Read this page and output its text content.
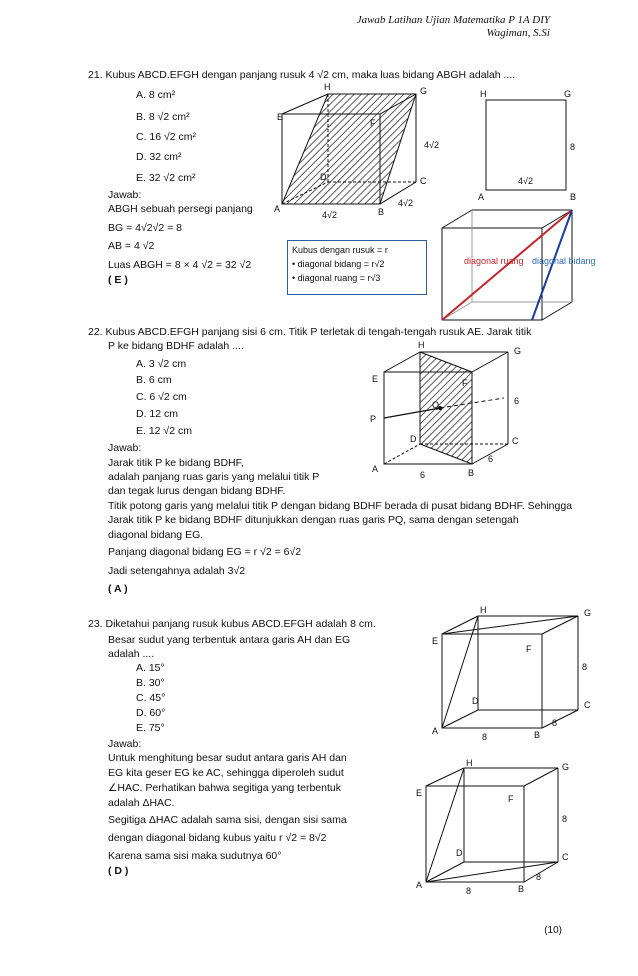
Jawab Latihan Ujian Matematika P 1A DIY
Wagiman, S.Si
21. Kubus ABCD.EFGH dengan panjang rusuk 4 √2 cm, maka luas bidang ABGH adalah ....
A. 8 cm²
B. 8 √2 cm²
C. 16 √2 cm²
D. 32 cm²
E. 32 √2 cm²
Jawab:
ABGH sebuah persegi panjang
BG = 4√2√2 = 8
AB = 4 √2
Luas ABGH = 8 × 4 √2 = 32 √2
( E )
A	B
C
D
E
F
G
H
4√2
4√2
4√2
A	B
G
H
8
4√2
Kubus dengan rusuk = r
• diagonal bidang = r√2
• diagonal ruang = r√3
diagonal ruang diagonal bidang
22. Kubus ABCD.EFGH panjang sisi 6 cm. Titik P terletak di tengah-tengah rusuk AE. Jarak titik
P ke bidang BDHF adalah ....
A. 3 √2 cm
B. 6 cm
C. 6 √2 cm
D. 12 cm
E. 12 √2 cm
Jawab:
Jarak titik P ke bidang BDHF,
adalah panjang ruas garis yang melalui titik P
dan tegak lurus dengan bidang BDHF.
Titik potong garis yang melalui titik P dengan bidang BDHF berada di pusat bidang BDHF. Sehingga
Jarak titik P ke bidang BDHF ditunjukkan dengan ruas garis PQ, sama dengan setengah
diagonal bidang EG.
Panjang diagonal bidang EG = r √2 = 6√2
Jadi setengahnya adalah 3√2
( A )
H
G
E	F
P
Q
D	C
A	B
6
6
6
23. Diketahui panjang rusuk kubus ABCD.EFGH adalah 8 cm.
Besar sudut yang terbentuk antara garis AH dan EG
adalah ....
A. 15°
B. 30°
C. 45°
D. 60°
E. 75°
Jawab:
Untuk menghitung besar sudut antara garis AH dan
EG kita geser EG ke AC, sehingga diperoleh sudut
∠HAC. Perhatikan bahwa segitiga yang terbentuk
adalah ΔHAC.
Segitiga ΔHAC adalah sama sisi, dengan sisi sama
dengan diagonal bidang kubus yaitu r √2 = 8√2
Karena sama sisi maka sudutnya 60°
( D )
H	G
E
F
D	C
A	B
8
8
8
H	G
E
F
D	C
A	B
8
8
8
(10)
